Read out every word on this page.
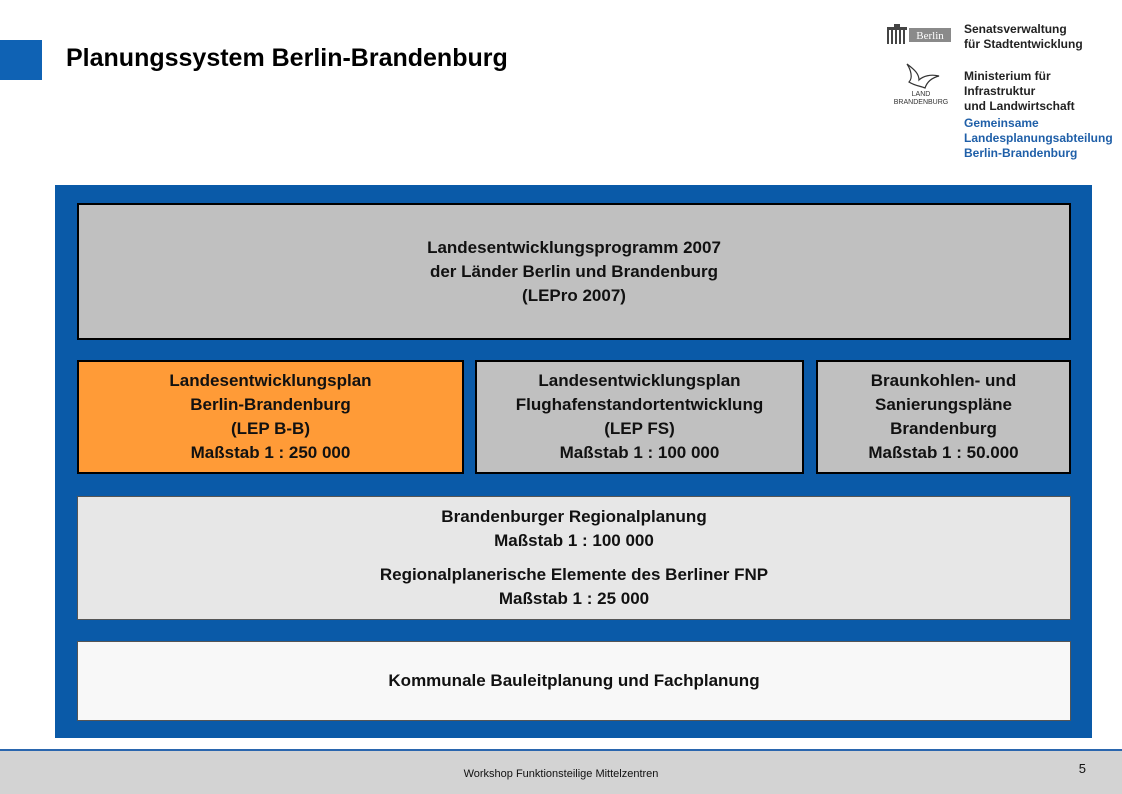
Planungssystem Berlin-Brandenburg
Berlin Senatsverwaltung
für Stadtentwicklung
LAND
BRANDENBURG
Ministerium für Infrastruktur
und Landwirtschaft
Gemeinsame
Landesplanungsabteilung
Berlin-Brandenburg
Landesentwicklungsprogramm 2007
der Länder Berlin und Brandenburg
(LEPro 2007)
Landesentwicklungsplan
Berlin-Brandenburg
(LEP B-B)
Maßstab 1 : 250 000
Landesentwicklungsplan
Flughafenstandortentwicklung
(LEP FS)
Maßstab 1 : 100 000
Braunkohlen- und
Sanierungspläne
Brandenburg
Maßstab 1 : 50.000
Brandenburger Regionalplanung
Maßstab 1 : 100 000
Regionalplanerische Elemente des Berliner FNP
Maßstab 1 : 25 000
Kommunale Bauleitplanung und Fachplanung
Workshop Funktionsteilige Mittelzentren	5
